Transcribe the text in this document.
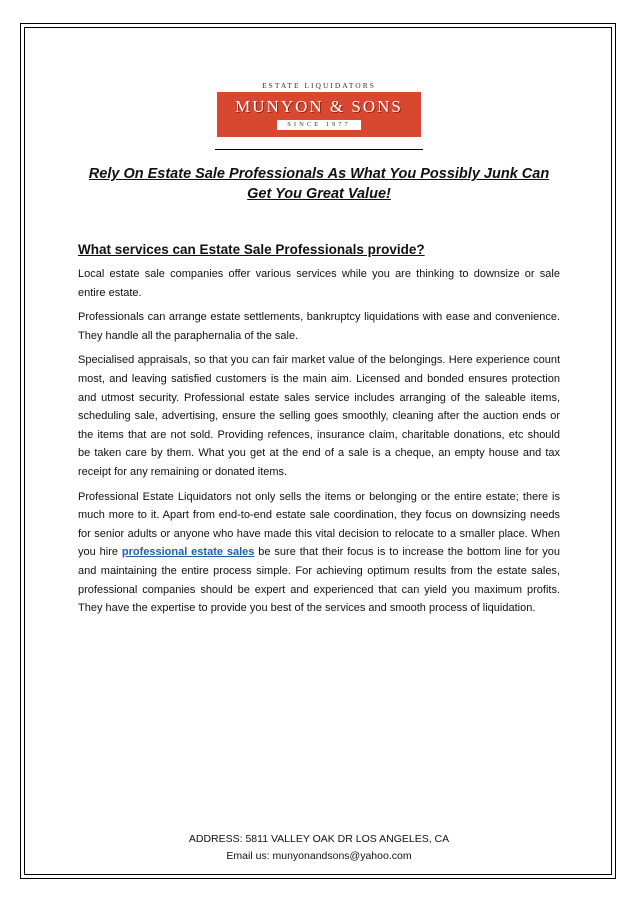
ESTATE LIQUIDATORS
MUNYON & SONS
SINCE 1977
Rely On Estate Sale Professionals As What You Possibly Junk Can
Get You Great Value!
What services can Estate Sale Professionals provide?

Local estate sale companies offer various services while you are thinking to downsize or sale entire estate.

Professionals can arrange estate settlements, bankruptcy liquidations with ease and convenience. They handle all the paraphernalia of the sale.

Specialised appraisals, so that you can fair market value of the belongings. Here experience count most, and leaving satisfied customers is the main aim. Licensed and bonded ensures protection and utmost security. Professional estate sales service includes arranging of the saleable items, scheduling sale, advertising, ensure the selling goes smoothly, cleaning after the auction ends or the items that are not sold. Providing refences, insurance claim, charitable donations, etc should be taken care by them. What you get at the end of a sale is a cheque, an empty house and tax receipt for any remaining or donated items.

Professional Estate Liquidators not only sells the items or belonging or the entire estate; there is much more to it. Apart from end-to-end estate sale coordination, they focus on downsizing needs for senior adults or anyone who have made this vital decision to relocate to a smaller place. When you hire professional estate sales be sure that their focus is to increase the bottom line for you and maintaining the entire process simple. For achieving optimum results from the estate sales, professional companies should be expert and experienced that can yield you maximum profits. They have the expertise to provide you best of the services and smooth process of liquidation.

ADDRESS: 5811 VALLEY OAK DR LOS ANGELES, CA
Email us: munyonandsons@yahoo.com
